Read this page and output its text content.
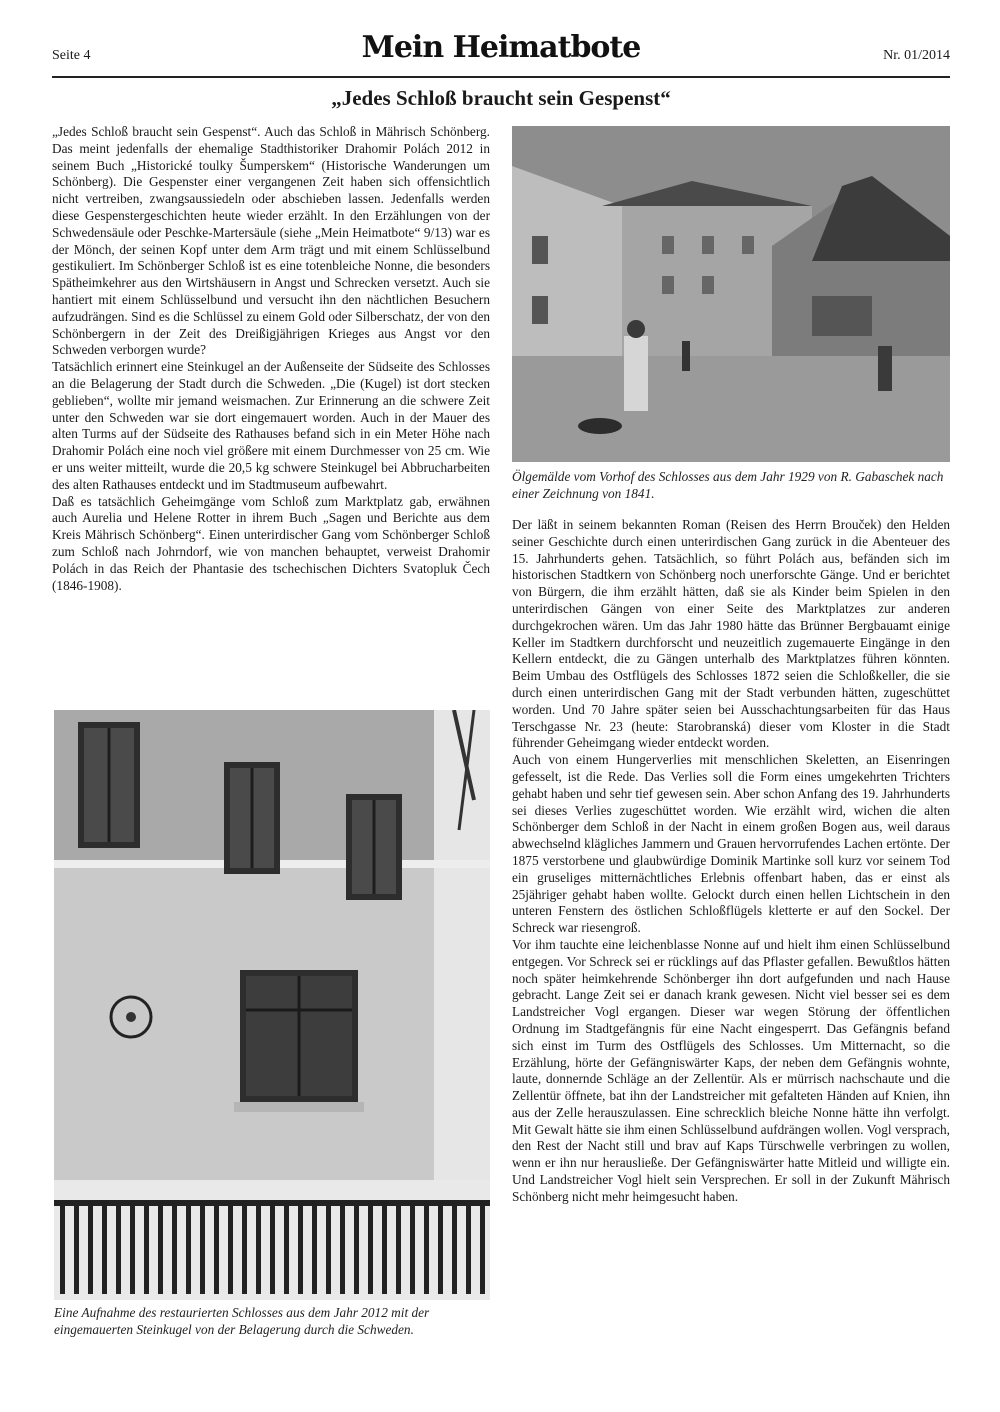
Seite 4	Mein Heimatbote	Nr. 01/2014
„Jedes Schloß braucht sein Gespenst“

„Jedes Schloß braucht sein Gespenst“. Auch das Schloß in Mährisch Schönberg. Das meint jedenfalls der ehemalige Stadthistoriker Drahomir Polách 2012 in seinem Buch „Historické toulky Šumperskem“ (Historische Wanderungen um Schönberg). Die Gespenster einer vergangenen Zeit haben sich offensichtlich nicht vertreiben, zwangsaussiedeln oder abschieben lassen. Jedenfalls werden diese Gespenstergeschichten heute wieder erzählt. In den Erzählungen von der Schwedensäule oder Peschke-Martersäule (siehe „Mein Heimatbote“ 9/13) war es der Mönch, der seinen Kopf unter dem Arm trägt und mit einem Schlüsselbund gestikuliert. Im Schönberger Schloß ist es eine totenbleiche Nonne, die besonders Spätheimkehrer aus den Wirtshäusern in Angst und Schrecken versetzt. Auch sie hantiert mit einem Schlüsselbund und versucht ihn den nächtlichen Besuchern aufzudrängen. Sind es die Schlüssel zu einem Gold oder Silberschatz, der von den Schönbergern in der Zeit des Dreißigjährigen Krieges aus Angst vor den Schweden verborgen wurde?

Tatsächlich erinnert eine Steinkugel an der Außenseite der Südseite des Schlosses an die Belagerung der Stadt durch die Schweden. „Die (Kugel) ist dort stecken geblieben“, wollte mir jemand weismachen. Zur Erinnerung an die schwere Zeit unter den Schweden war sie dort eingemauert worden. Auch in der Mauer des alten Turms auf der Südseite des Rathauses befand sich in ein Meter Höhe nach Drahomir Polách eine noch viel größere mit einem Durchmesser von 25 cm. Wie er uns weiter mitteilt, wurde die 20,5 kg schwere Steinkugel bei Abbrucharbeiten des alten Rathauses entdeckt und im Stadtmuseum aufbewahrt.

Daß es tatsächlich Geheimgänge vom Schloß zum Marktplatz gab, erwähnen auch Aurelia und Helene Rotter in ihrem Buch „Sagen und Berichte aus dem Kreis Mährisch Schönberg“. Einen unterirdischer Gang vom Schönberger Schloß zum Schloß nach Johrndorf, wie von manchen behauptet, verweist Drahomir Polách in das Reich der Phantasie des tschechischen Dichters Svatopluk Čech (1846-1908).

Ölgemälde vom Vorhof des Schlosses aus dem Jahr 1929 von R. Gabaschek nach einer Zeichnung von 1841.

Der läßt in seinem bekannten Roman (Reisen des Herrn Brouček) den Helden seiner Geschichte durch einen unterirdischen Gang zurück in die Abenteuer des 15. Jahrhunderts gehen. Tatsächlich, so führt Polách aus, befänden sich im historischen Stadtkern von Schönberg noch unerforschte Gänge. Und er berichtet von Bürgern, die ihm erzählt hätten, daß sie als Kinder beim Spielen in den unterirdischen Gängen von einer Seite des Marktplatzes zur anderen durchgekrochen wären. Um das Jahr 1980 hätte das Brünner Bergbauamt einige Keller im Stadtkern durchforscht und neuzeitlich zugemauerte Eingänge in den Kellern entdeckt, die zu Gängen unterhalb des Marktplatzes führen könnten. Beim Umbau des Ostflügels des Schlosses 1872 seien die Schloßkeller, die sie durch einen unterirdischen Gang mit der Stadt verbunden hätten, zugeschüttet worden. Und 70 Jahre später seien bei Ausschachtungsarbeiten für das Haus Terschgasse Nr. 23 (heute: Starobranská) dieser vom Kloster in die Stadt führender Geheimgang wieder entdeckt worden.

Auch von einem Hungerverlies mit menschlichen Skeletten, an Eisenringen gefesselt, ist die Rede. Das Verlies soll die Form eines umgekehrten Trichters gehabt haben und sehr tief gewesen sein. Aber schon Anfang des 19. Jahrhunderts sei dieses Verlies zugeschüttet worden. Wie erzählt wird, wichen die alten Schönberger dem Schloß in der Nacht in einem großen Bogen aus, weil daraus abwechselnd klägliches Jammern und Grauen hervorrufendes Lachen ertönte. Der 1875 verstorbene und glaubwürdige Dominik Martinke soll kurz vor seinem Tod ein gruseliges mitternächtliches Erlebnis offenbart haben, das er einst als 25jähriger gehabt haben wollte. Gelockt durch einen hellen Lichtschein in den unteren Fenstern des östlichen Schloßflügels kletterte er auf den Sockel. Der Schreck war riesengroß.

Vor ihm tauchte eine leichenblasse Nonne auf und hielt ihm einen Schlüsselbund entgegen. Vor Schreck sei er rücklings auf das Pflaster gefallen. Bewußtlos hätten noch später heimkehrende Schönberger ihn dort aufgefunden und nach Hause gebracht. Lange Zeit sei er danach krank gewesen. Nicht viel besser sei es dem Landstreicher Vogl ergangen. Dieser war wegen Störung der öffentlichen Ordnung im Stadtgefängnis für eine Nacht eingesperrt. Das Gefängnis befand sich einst im Turm des Ostflügels des Schlosses. Um Mitternacht, so die Erzählung, hörte der Gefängniswärter Kaps, der neben dem Gefängnis wohnte, laute, donnernde Schläge an der Zellentür. Als er mürrisch nachschaute und die Zellentür öffnete, bat ihn der Landstreicher mit gefalteten Händen auf Knien, ihn aus der Zelle herauszulassen. Eine schrecklich bleiche Nonne hätte ihn verfolgt. Mit Gewalt hätte sie ihm einen Schlüsselbund aufdrängen wollen. Vogl versprach, den Rest der Nacht still und brav auf Kaps Türschwelle verbringen zu wollen, wenn er ihn nur herausließe. Der Gefängniswärter hatte Mitleid und willigte ein. Und Landstreicher Vogl hielt sein Versprechen. Er soll in der Zukunft Mährisch Schönberg nicht mehr heimgesucht haben.

Eine Aufnahme des restaurierten Schlosses aus dem Jahr 2012 mit der eingemauerten Steinkugel von der Belagerung durch die Schweden.
